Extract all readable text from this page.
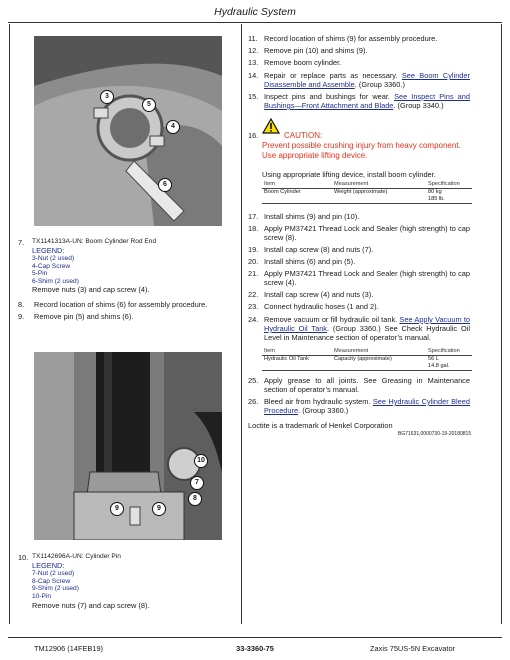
Hydraulic System
3
5
4
6
7. TX1141313A-UN: Boom Cylinder Rod End
LEGEND:
3-Nut (2 used)
4-Cap Screw
5-Pin
6-Shim (2 used)
Remove nuts (3) and cap screw (4).
8. Record location of shims (6) for assembly procedure.
9. Remove pin (5) and shims (6).
10
7
8
9	9
10. TX1142696A-UN: Cylinder Pin
LEGEND:
7-Nut (2 used)
8-Cap Screw
9-Shim (2 used)
10-Pin
Remove nuts (7) and cap screw (8).
11. Record location of shims (9) for assembly procedure.
12. Remove pin (10) and shims (9).
13. Remove boom cylinder.
14. Repair or replace parts as necessary. See Boom Cylinder Disassemble and Assemble. (Group 3360.)
15. Inspect pins and bushings for wear. See Inspect Pins and Bushings—Front Attachment and Blade. (Group 3340.)
16.	CAUTION:
Prevent possible crushing injury from heavy component. Use appropriate lifting device.
Using appropriate lifting device, install boom cylinder.
Item	Measurement	Specification
Boom Cylinder	Weight (approximate)	80 kg
185 lb.
17. Install shims (9) and pin (10).
18. Apply PM37421 Thread Lock and Sealer (high strength) to cap screw (8).
19. Install cap screw (8) and nuts (7).
20. Install shims (6) and pin (5).
21. Apply PM37421 Thread Lock and Sealer (high strength) to cap screw (4).
22. Install cap screw (4) and nuts (3).
23. Connect hydraulic hoses (1 and 2).
24. Remove vacuum or fill hydraulic oil tank. See Apply Vacuum to Hydraulic Oil Tank. (Group 3360.) See Check Hydraulic Oil Level in Maintenance section of operator’s manual.
Item	Measurement	Specification
Hydraulic Oil Tank	Capacity (approximate)	56 L
14.8 gal.
25. Apply grease to all joints. See Greasing in Maintenance section of operator’s manual.
26. Bleed air from hydraulic system. See Hydraulic Cylinder Bleed Procedure. (Group 3360.)
Loctite is a trademark of Henkel Corporation
BG71631,0000730-19-20180815
TM12906 (14FEB19)	33-3360-75	Zaxis 75US-5N Excavator
